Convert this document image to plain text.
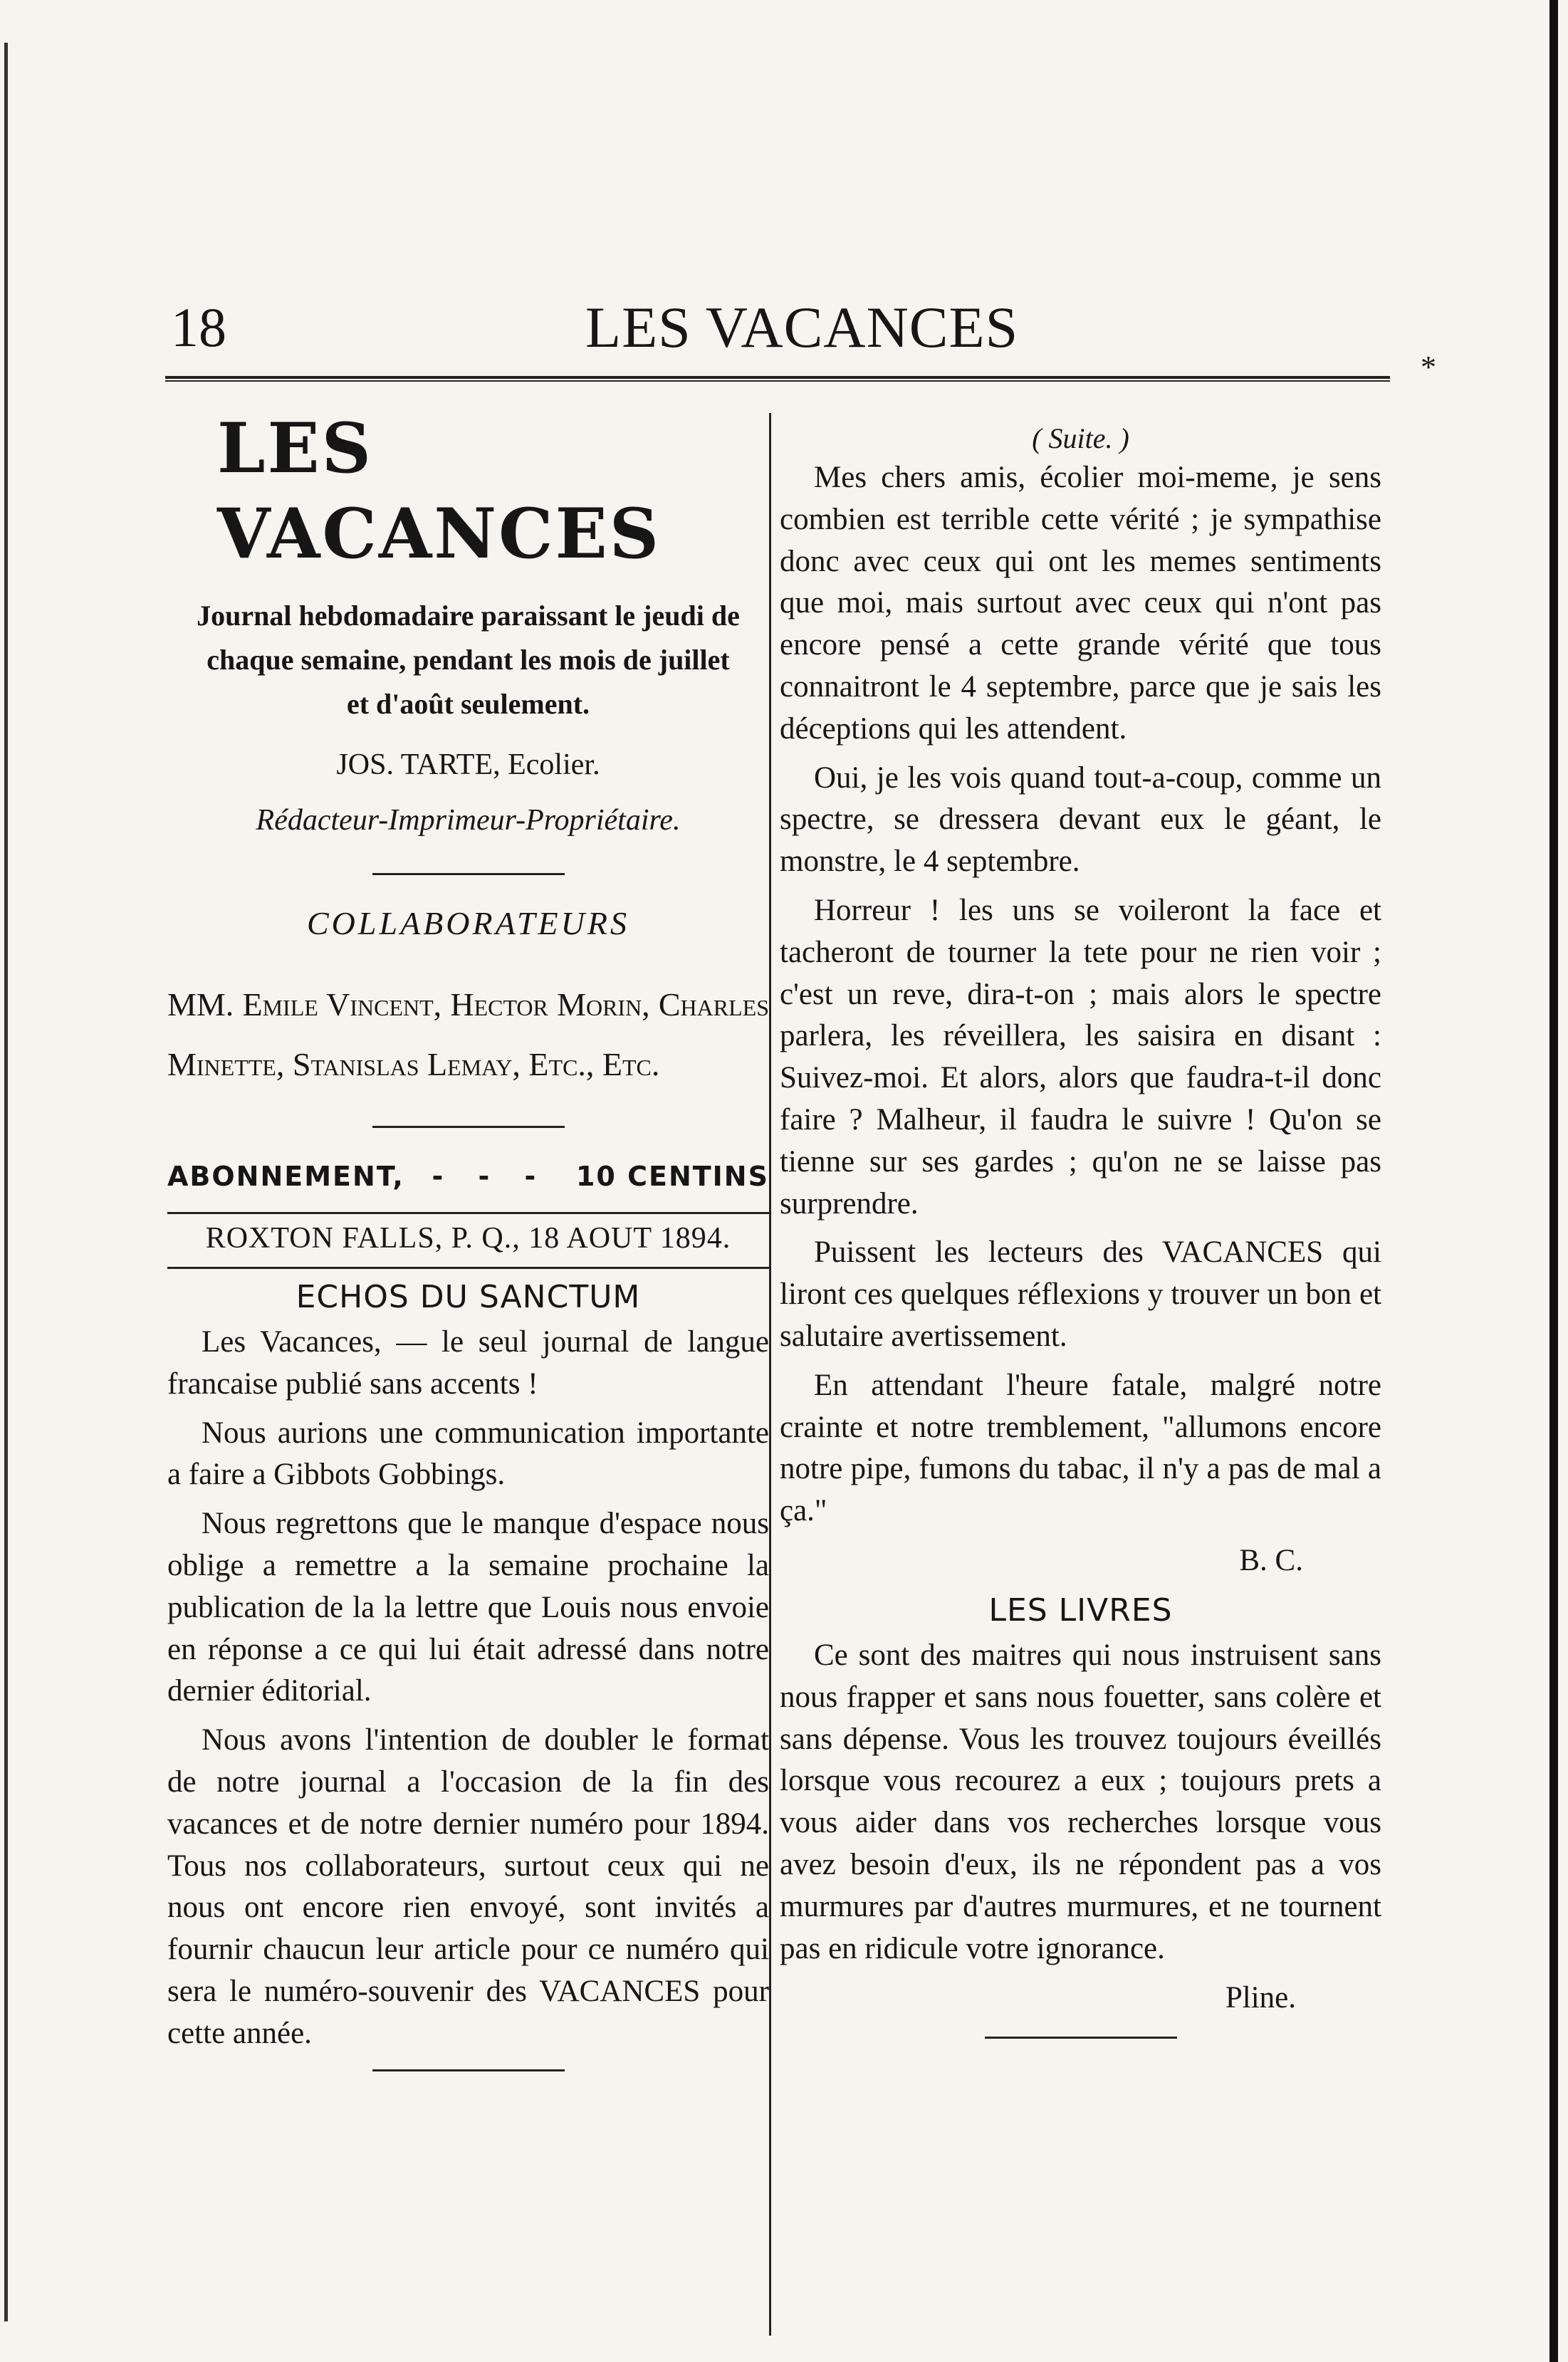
18	LES VACANCES
*
LES VACANCES
Journal hebdomadaire paraissant le jeudi de chaque semaine, pendant les mois de juillet et d'août seulement.
JOS. TARTE, Ecolier.
Rédacteur-Imprimeur-Propriétaire.
COLLABORATEURS
MM. Emile Vincent, Hector Morin, Charles Minette, Stanislas Lemay, Etc., Etc.
ABONNEMENT, - - - 10 CENTINS
ROXTON FALLS, P. Q., 18 AOUT 1894.
ECHOS DU SANCTUM

Les Vacances, — le seul journal de langue francaise publié sans accents !

Nous aurions une communication importante a faire a Gibbots Gobbings.

Nous regrettons que le manque d'espace nous oblige a remettre a la semaine prochaine la publication de la la lettre que Louis nous envoie en réponse a ce qui lui était adressé dans notre dernier éditorial.

Nous avons l'intention de doubler le format de notre journal a l'occasion de la fin des vacances et de notre dernier numéro pour 1894. Tous nos collaborateurs, surtout ceux qui ne nous ont encore rien envoyé, sont invités a fournir chaucun leur article pour ce numéro qui sera le numéro-souvenir des VACANCES pour cette année.

( Suite. )

Mes chers amis, écolier moi-meme, je sens combien est terrible cette vérité ; je sympathise donc avec ceux qui ont les memes sentiments que moi, mais surtout avec ceux qui n'ont pas encore pensé a cette grande vérité que tous connaitront le 4 septembre, parce que je sais les déceptions qui les attendent.

Oui, je les vois quand tout-a-coup, comme un spectre, se dressera devant eux le géant, le monstre, le 4 septembre.

Horreur ! les uns se voileront la face et tacheront de tourner la tete pour ne rien voir ; c'est un reve, dira-t-on ; mais alors le spectre parlera, les réveillera, les saisira en disant : Suivez-moi. Et alors, alors que faudra-t-il donc faire ? Malheur, il faudra le suivre ! Qu'on se tienne sur ses gardes ; qu'on ne se laisse pas surprendre.

Puissent les lecteurs des VACANCES qui liront ces quelques réflexions y trouver un bon et salutaire avertissement.

En attendant l'heure fatale, malgré notre crainte et notre tremblement, "allumons encore notre pipe, fumons du tabac, il n'y a pas de mal a ça."

B. C.
LES LIVRES

Ce sont des maitres qui nous instruisent sans nous frapper et sans nous fouetter, sans colère et sans dépense. Vous les trouvez toujours éveillés lorsque vous recourez a eux ; toujours prets a vous aider dans vos recherches lorsque vous avez besoin d'eux, ils ne répondent pas a vos murmures par d'autres murmures, et ne tournent pas en ridicule votre ignorance.

Pline.
